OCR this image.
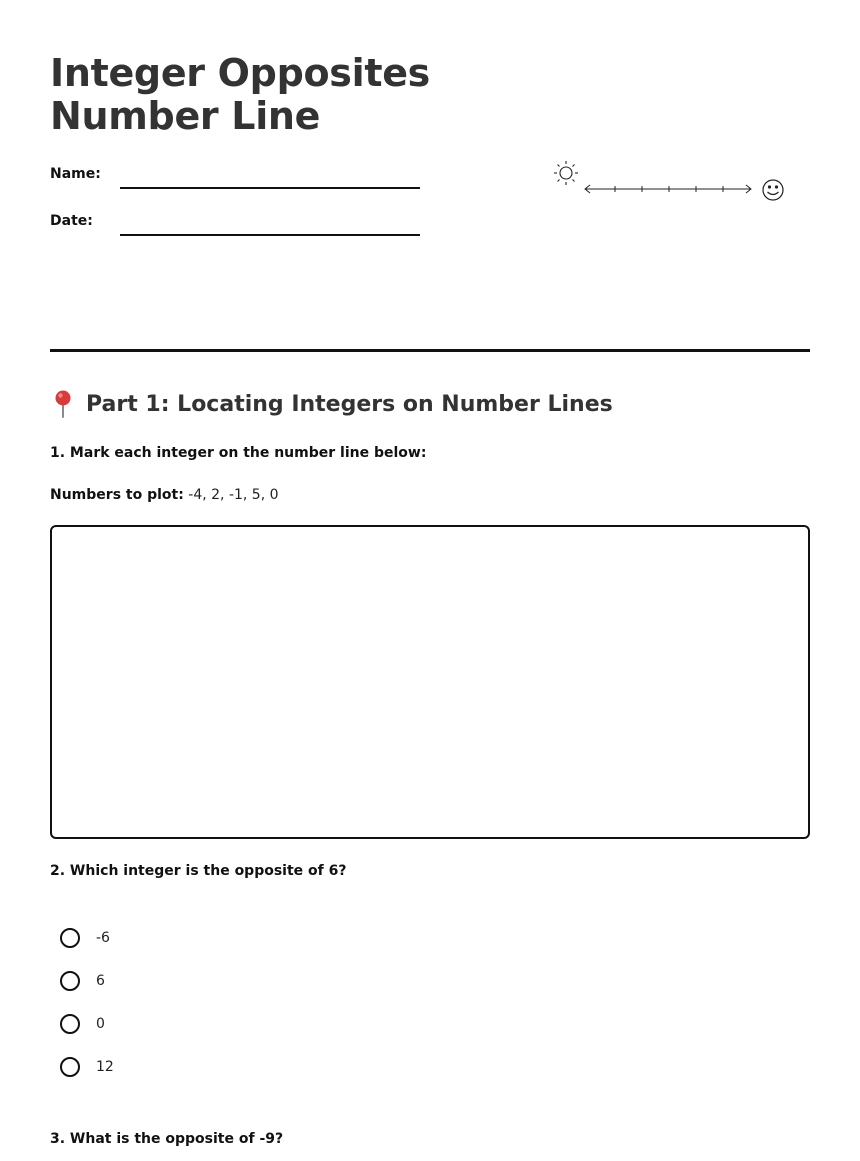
Integer Opposites
Number Line
Name:
Date:
Part 1: Locating Integers on Number Lines
1. Mark each integer on the number line below:
Numbers to plot: -4, 2, -1, 5, 0
2. Which integer is the opposite of 6?
-6
6
0
12
3. What is the opposite of -9?
